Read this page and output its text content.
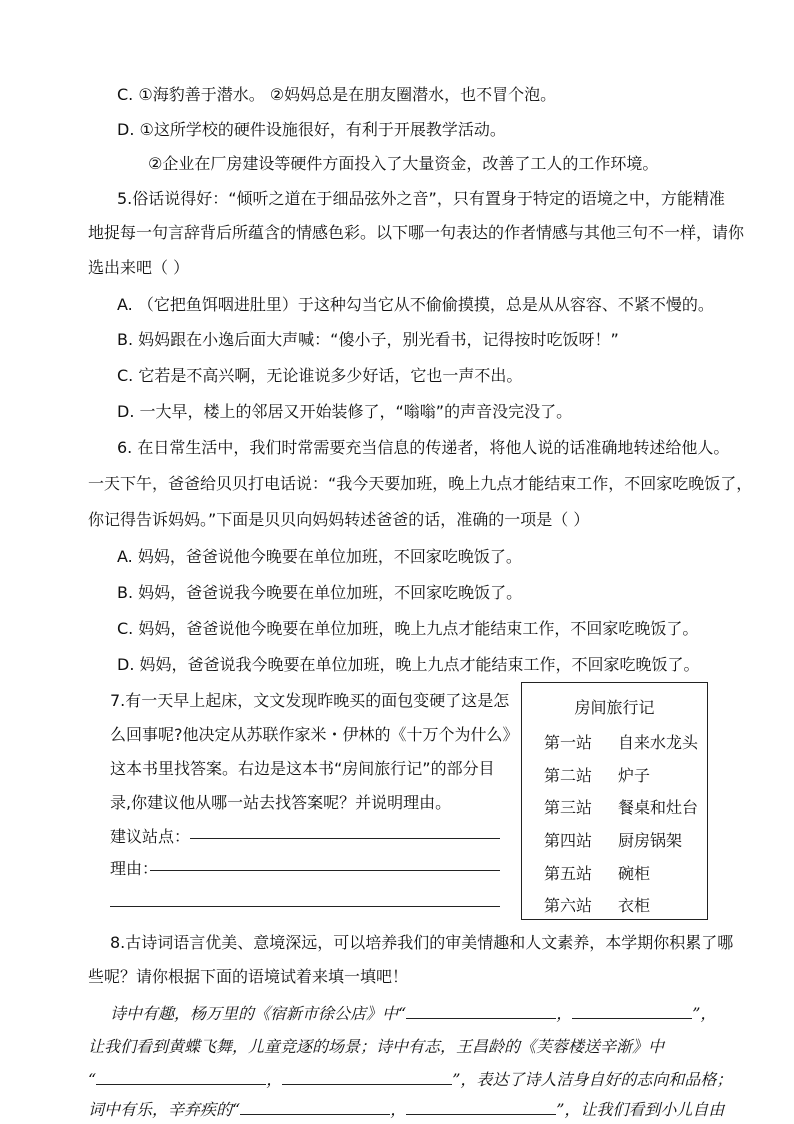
C. ①海豹善于潜水。 ②妈妈总是在朋友圈潜水，也不冒个泡。
D. ①这所学校的硬件设施很好，有利于开展教学活动。
②企业在厂房建设等硬件方面投入了大量资金，改善了工人的工作环境。
5.俗话说得好：“倾听之道在于细品弦外之音”，只有置身于特定的语境之中，方能精准
地捉每一句言辞背后所蕴含的情感色彩。以下哪一句表达的作者情感与其他三句不一样，请你
选出来吧（ ）
A. （它把鱼饵咽进肚里）于这种勾当它从不偷偷摸摸，总是从从容容、不紧不慢的。
B. 妈妈跟在小逸后面大声喊：“傻小子，别光看书，记得按时吃饭呀！”
C. 它若是不高兴啊，无论谁说多少好话，它也一声不出。
D. 一大早，楼上的邻居又开始装修了，“嗡嗡”的声音没完没了。
6. 在日常生活中，我们时常需要充当信息的传递者，将他人说的话准确地转述给他人。
一天下午，爸爸给贝贝打电话说：“我今天要加班，晚上九点才能结束工作，不回家吃晚饭了，
你记得告诉妈妈。”下面是贝贝向妈妈转述爸爸的话，准确的一项是（ ）
A. 妈妈，爸爸说他今晚要在单位加班，不回家吃晚饭了。
B. 妈妈，爸爸说我今晚要在单位加班，不回家吃晚饭了。
C. 妈妈，爸爸说他今晚要在单位加班，晚上九点才能结束工作，不回家吃晚饭了。
D. 妈妈，爸爸说我今晚要在单位加班，晚上九点才能结束工作，不回家吃晚饭了。
7.有一天早上起床，文文发现昨晚买的面包变硬了这是怎
么回事呢?他决定从苏联作家米・伊林的《十万个为什么》
这本书里找答案。右边是这本书“房间旅行记”的部分目
录,你建议他从哪一站去找答案呢？并说明理由。
建议站点：
理由：
房间旅行记
第一站 自来水龙头
第二站 炉子
第三站 餐桌和灶台
第四站 厨房锅架
第五站 碗柜
第六站 衣柜
8.古诗词语言优美、意境深远，可以培养我们的审美情趣和人文素养，本学期你积累了哪
些呢？请你根据下面的语境试着来填一填吧！
诗中有趣，杨万里的《宿新市徐公店》中“	，	”，
让我们看到黄蝶飞舞，儿童竞逐的场景；诗中有志，王昌龄的《芙蓉楼送辛渐》中
“	，	”，表达了诗人洁身自好的志向和品格；
词中有乐，辛弃疾的“	，	”，让我们看到小儿自由
